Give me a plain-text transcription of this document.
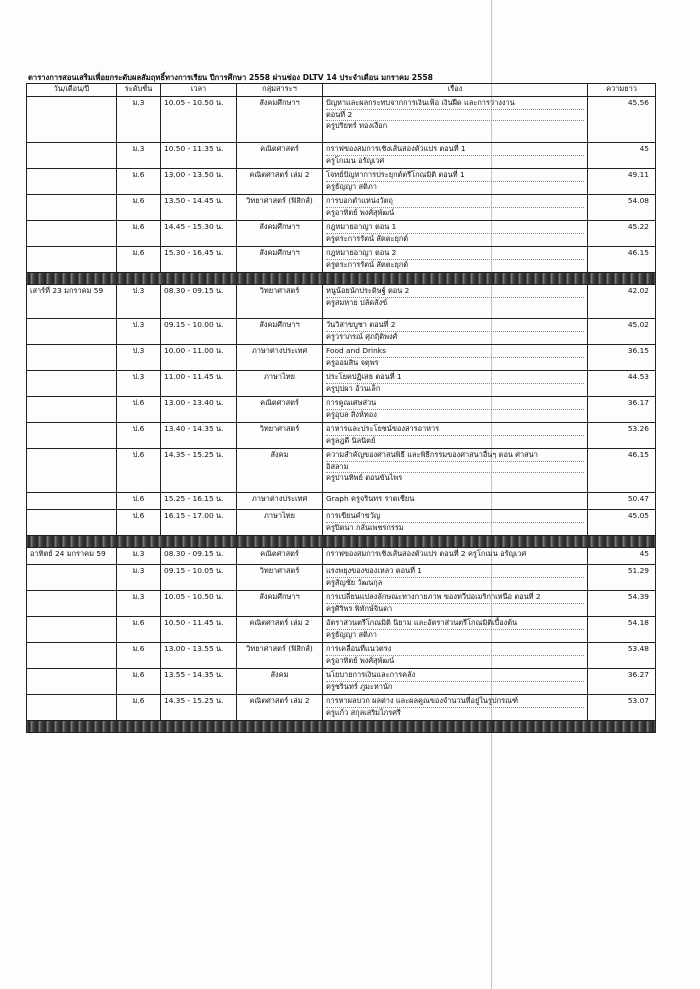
ตารางการสอนเสริมเพื่อยกระดับผลสัมฤทธิ์ทางการเรียน ปีการศึกษา 2558 ผ่านช่อง DLTV 14 ประจำเดือน มกราคม 2558
วัน/เดือน/ปี	ระดับชั้น	เวลา	กลุ่มสาระฯ	เรื่อง	ความยาว
	ม.3	10.05 - 10.50 น.	สังคมศึกษาฯ	ปัญหาและผลกระทบจากการเงินเฟ้อ เงินฝืด และการว่างงาน
ตอนที่ 2
ครูปริยทร์ ทองเงือก	45.56
	ม.3	10.50 - 11.35 น.	คณิตศาสตร์	กราฟของสมการเชิงเส้นสองตัวแปร ตอนที่ 1
ครูโกเมน อรัญเวศ	45
	ม.6	13.00 - 13.50 น.	คณิตศาสตร์ เล่ม 2	โจทย์ปัญหาการประยุกต์ตรีโกณมิติ ตอนที่ 1
ครูธัญญา สติภา	49.11
	ม.6	13.50 - 14.45 น.	วิทยาศาสตร์ (ฟิสิกส์)	การบอกตำแหน่งวัตถุ
ครูอาทิตย์ พงศ์สุพัฒน์	54.08
	ม.6	14.45 - 15.30 น.	สังคมศึกษาฯ	กฎหมายอาญา ตอน 1
ครูตระการรัตน์ สัตตะยุกต์	45.22
	ม.6	15.30 - 16.45 น.	สังคมศึกษาฯ	กฎหมายอาญา ตอน 2
ครูตระการรัตน์ สัตตะยุกต์	46.15

เสาร์ที่ 23 มกราคม 59	ป.3	08.30 - 09.15 น.	วิทยาศาสตร์	หนูน้อยนักประดิษฐ์ ตอน 2
ครูสมหาย ปลัดสังข์	42.02
	ป.3	09.15 - 10.00 น.	สังคมศึกษาฯ	วันวิสาขบูชา ตอนที่ 2
ครูวราภรณ์ ศุภฤิติพงศ์	45.02
	ป.3	10.00 - 11.00 น.	ภาษาต่างประเทศ	Food and Drinks
ครูออมสิน จตุพร	36.15
	ป.3	11.00 - 11.45 น.	ภาษาไทย	ประโยคปฏิเสธ ตอนที่ 1
ครูปุปผา อ้วนเล็ก	44.53
	ป.6	13.00 - 13.40 น.	คณิตศาสตร์	การคูณเศษส่วน
ครูอุบล สิงห์ทอง	36.17
	ป.6	13.40 - 14.35 น.	วิทยาศาสตร์	อาหารและประโยชน์ของสารอาหาร
ครูลฎดี นิลนิตย์	53.26
	ป.6	14.35 - 15.25 น.	สังคม	ความสำคัญของศาสนพิธี และพิธีกรรมของศาสนาอื่นๆ ตอน ศาสนา
อิสลาม
ครูปานทิพย์ ตอนขันไพร	46.15
	ป.6	15.25 - 16.15 น.	ภาษาต่างประเทศ	Graph ครูจรินทร ราตเชียน	50.47
	ป.6	16.15 - 17.00 น.	ภาษาไทย	การเขียนคำขวัญ
ครูปิตนา กลั่นเพชรกรรม	45.05

อาทิตย์ 24 มกราคม 59	ม.3	08.30 - 09.15 น.	คณิตศาสตร์	กราฟของสมการเชิงเส้นสองตัวแปร ตอนที่ 2 ครูโกเมน อรัญเวศ	45
	ม.3	09.15 - 10.05 น.	วิทยาศาสตร์	แรงพยุงของของเหลว ตอนที่ 1
ครูสัญชัย วัฒนกุล	51.29
	ม.3	10.05 - 10.50 น.	สังคมศึกษาฯ	การเปลี่ยนแปลงลักษณะทางกายภาพ ของทวีปอเมริกาเหนือ ตอนที่ 2
ครูศิริพร พิทักษ์จินดา	54.39
	ม.6	10.50 - 11.45 น.	คณิตศาสตร์ เล่ม 2	อัตราส่วนตรีโกณมิติ นิยาม และอัตราส่วนตรีโกณมิติเบื้องต้น
ครูธัญญา สติภา	54.18
	ม.6	13.00 - 13.55 น.	วิทยาศาสตร์ (ฟิสิกส์)	การเคลื่อนที่แนวตรง
ครูอาทิตย์ พงศ์สุพัฒน์	53.48
	ม.6	13.55 - 14.35 น.	สังคม	นโยบายการเงินและการคลัง
ครูชรินทร์ ภูมะหานัก	36.27
	ม.6	14.35 - 15.25 น.	คณิตศาสตร์ เล่ม 2	การหาผลบวก ผลต่าง และผลคูณของจำนวนที่อยู่ในรูปกรณฑ์
ครูแก้ว สกุลเสริมไกรศรี	53.07
